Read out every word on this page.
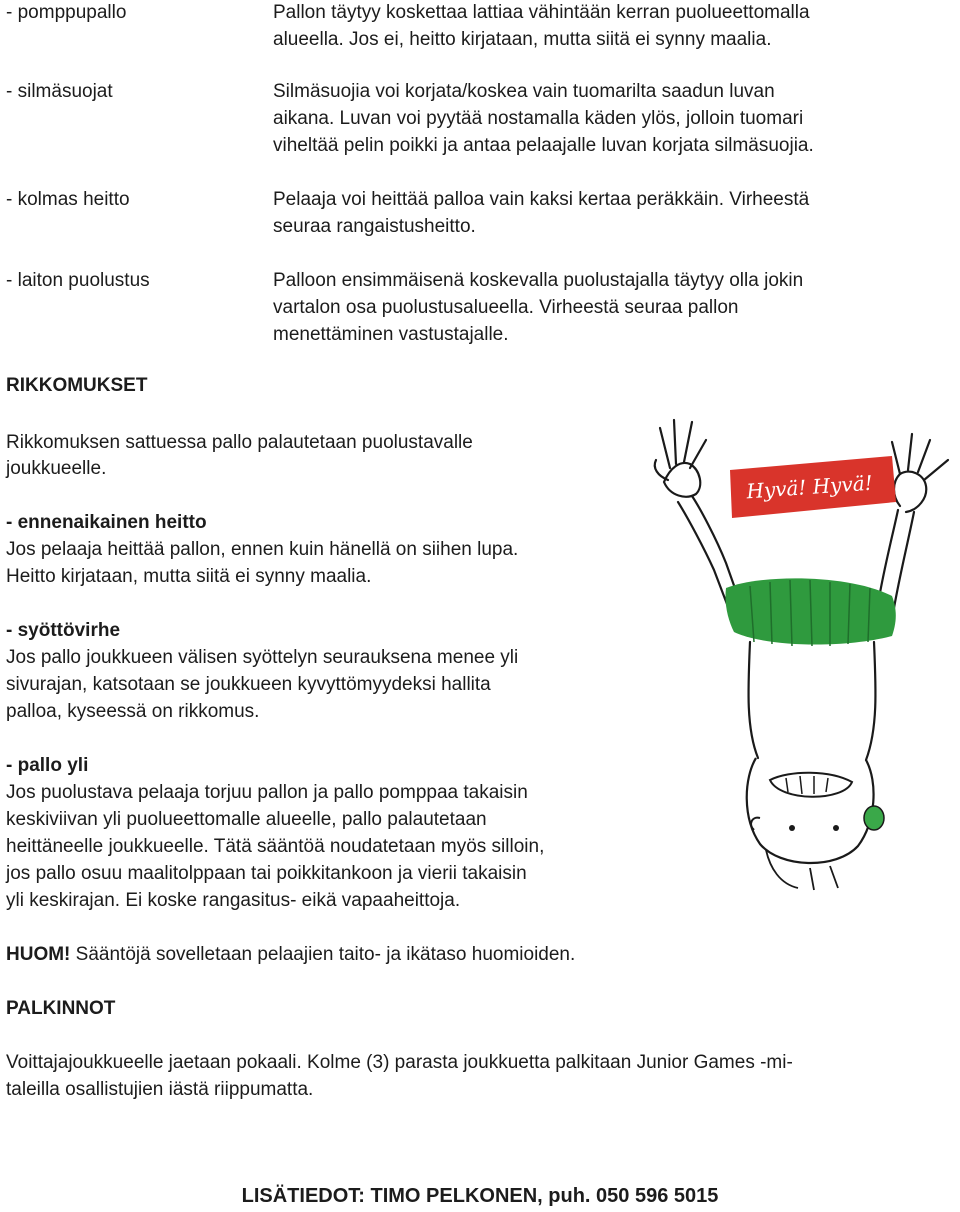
- pomppupallo	Pallon täytyy koskettaa lattiaa vähintään kerran puolueettomalla
alueella. Jos ei, heitto kirjataan, mutta siitä ei synny maalia.
- silmäsuojat	Silmäsuojia voi korjata/koskea vain tuomarilta saadun luvan
aikana. Luvan voi pyytää nostamalla käden ylös, jolloin tuomari
viheltää pelin poikki ja antaa pelaajalle luvan korjata silmäsuojia.
- kolmas heitto	Pelaaja voi heittää palloa vain kaksi kertaa peräkkäin. Virheestä
seuraa rangaistusheitto.
- laiton puolustus	Palloon ensimmäisenä koskevalla puolustajalla täytyy olla jokin
vartalon osa puolustusalueella. Virheestä seuraa pallon
menettäminen vastustajalle.
RIKKOMUKSET
Rikkomuksen sattuessa pallo palautetaan puolustavalle
joukkueelle.
- ennenaikainen heitto
Jos pelaaja heittää pallon, ennen kuin hänellä on siihen lupa.
Heitto kirjataan, mutta siitä ei synny maalia.
- syöttövirhe
Jos pallo joukkueen välisen syöttelyn seurauksena menee yli
sivurajan, katsotaan se joukkueen kyvyttömyydeksi hallita
palloa, kyseessä on rikkomus.
- pallo yli
Jos puolustava pelaaja torjuu pallon ja pallo pomppaa takaisin
keskiviivan yli puolueettomalle alueelle, pallo palautetaan
heittäneelle joukkueelle. Tätä sääntöä noudatetaan myös silloin,
jos pallo osuu maalitolppaan tai poikkitankoon ja vierii takaisin
yli keskirajan. Ei koske rangasitus- eikä vapaaheittoja.
HUOM! Sääntöjä sovelletaan pelaajien taito- ja ikätaso huomioiden.
PALKINNOT
Voittajajoukkueelle jaetaan pokaali. Kolme (3) parasta joukkuetta palkitaan Junior Games -mi-
taleilla osallistujien iästä riippumatta.
LISÄTIEDOT: TIMO PELKONEN, puh. 050 596 5015
Hyvä! Hyvä!
